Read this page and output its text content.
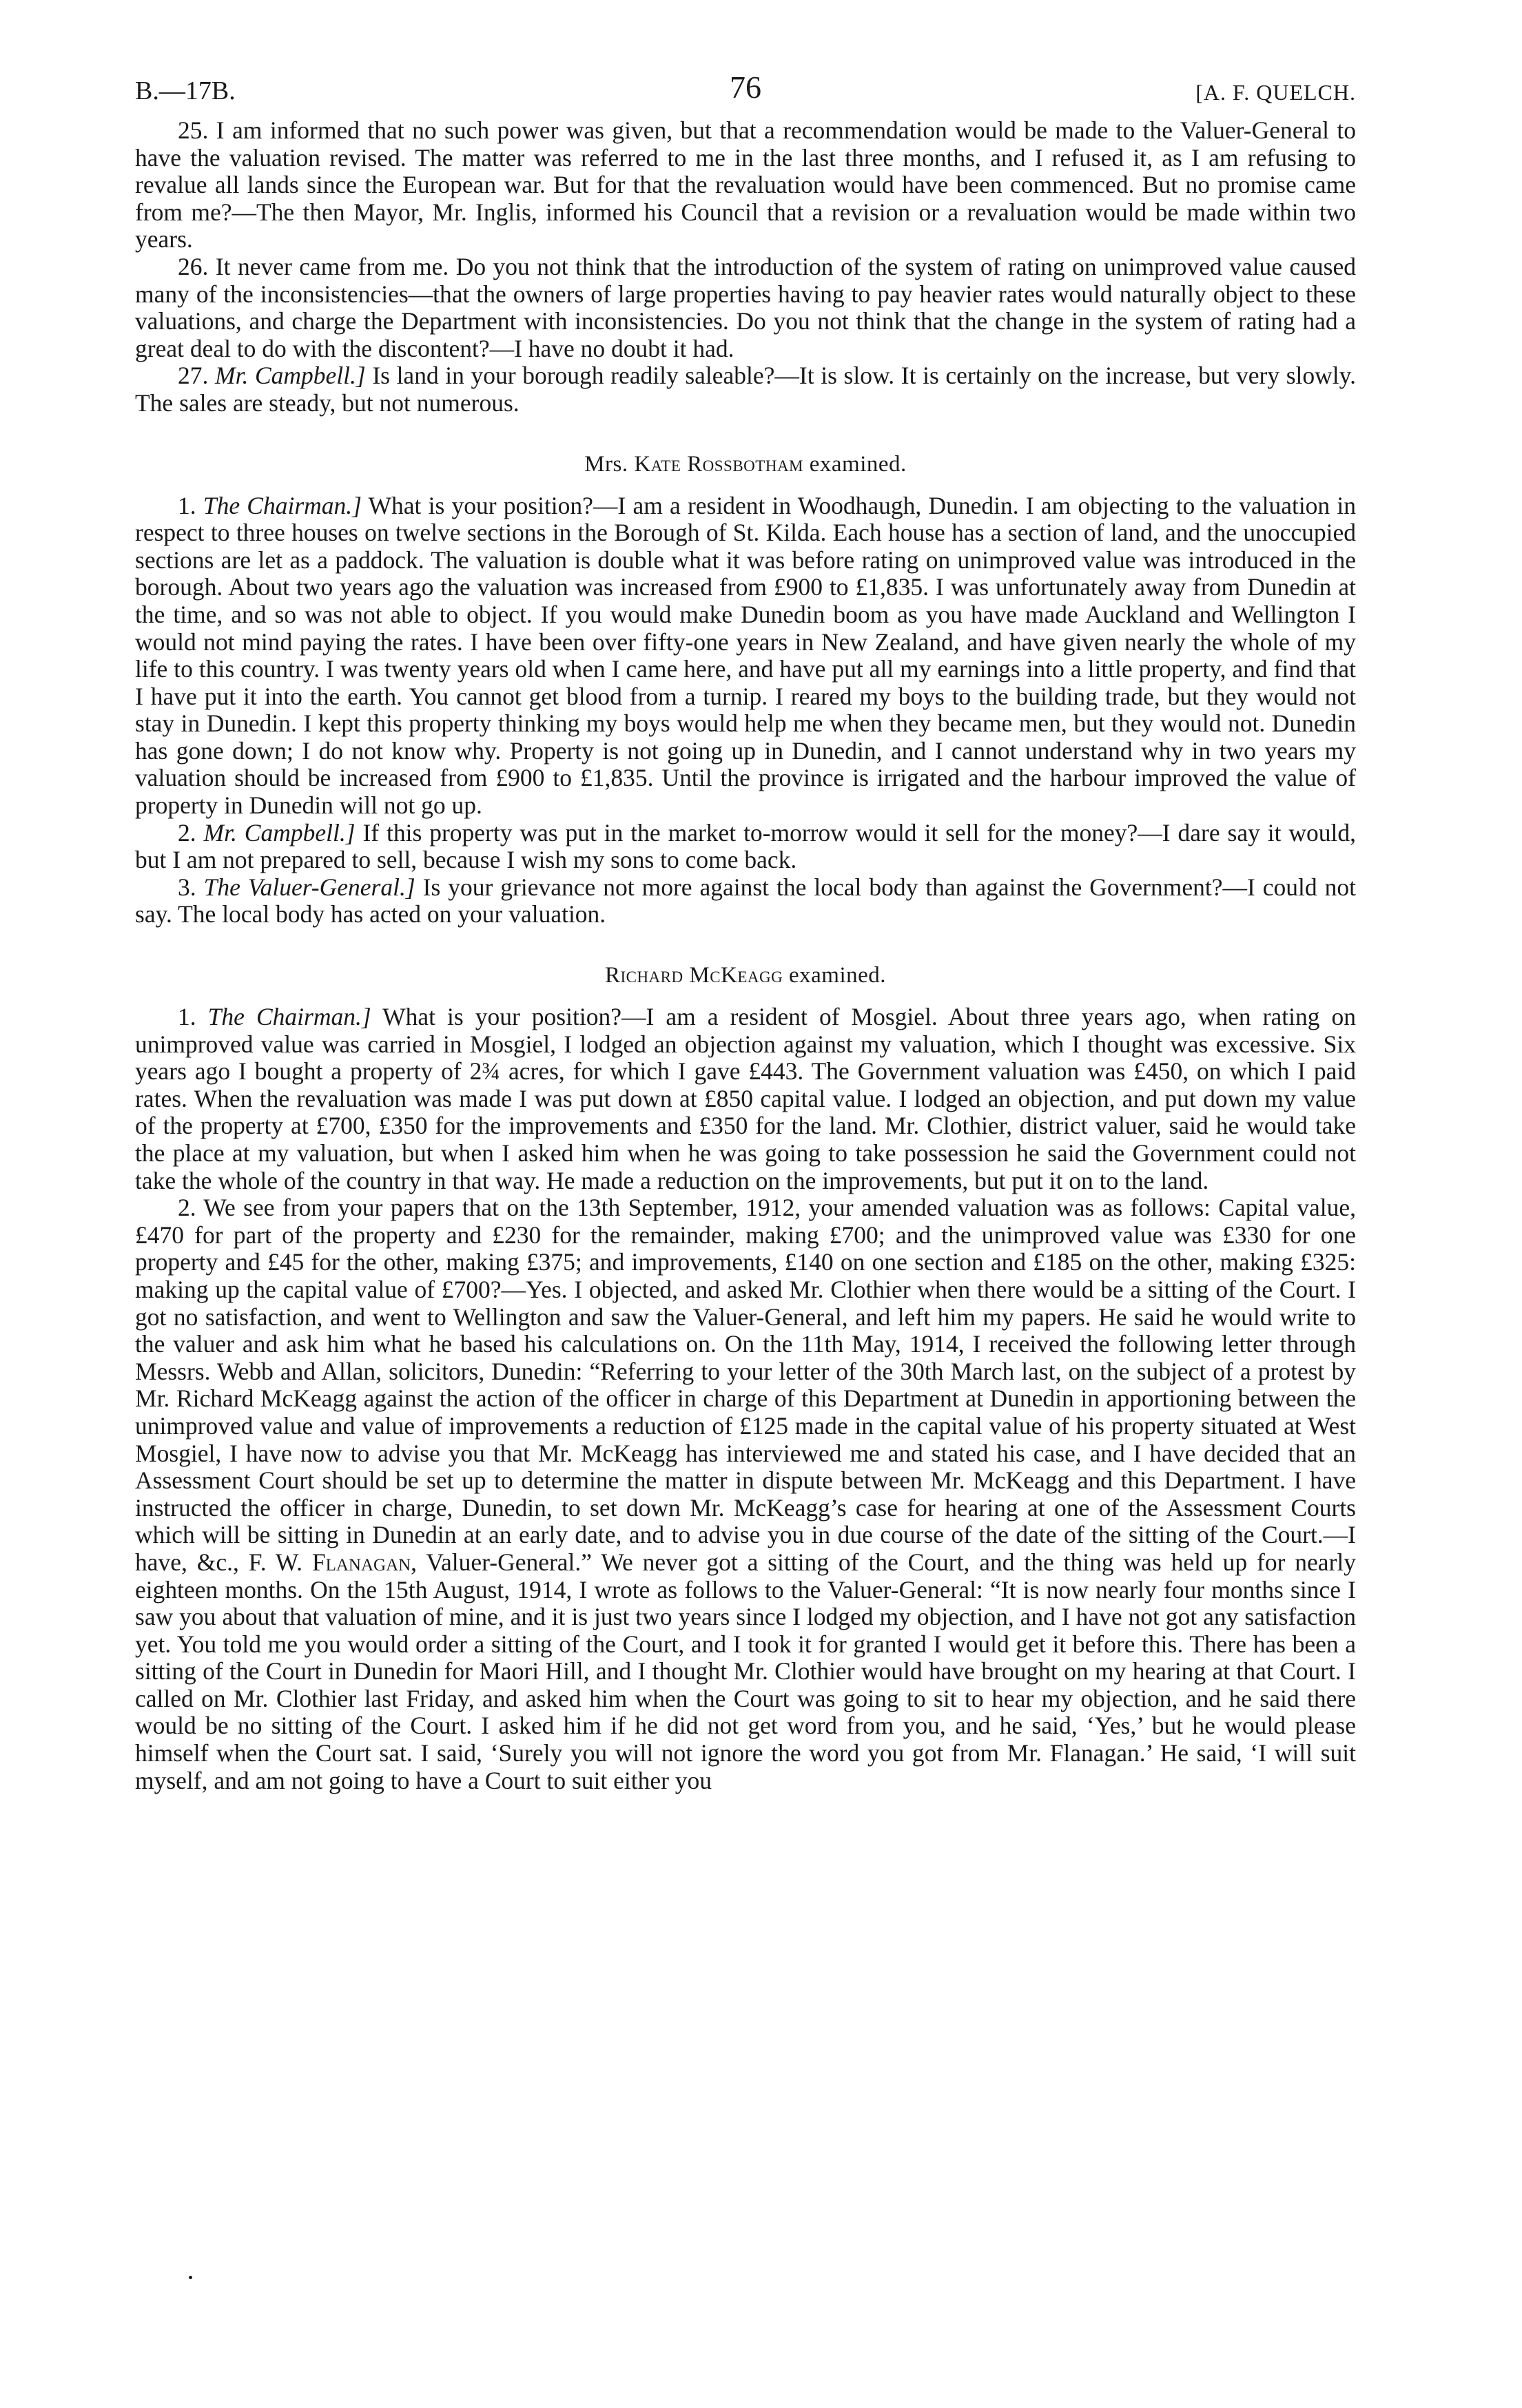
B.—17B.	76	[A. F. QUELCH.

25. I am informed that no such power was given, but that a recommendation would be made to the Valuer-General to have the valuation revised. The matter was referred to me in the last three months, and I refused it, as I am refusing to revalue all lands since the European war. But for that the revaluation would have been commenced. But no promise came from me?—The then Mayor, Mr. Inglis, informed his Council that a revision or a revaluation would be made within two years.

26. It never came from me. Do you not think that the introduction of the system of rating on unimproved value caused many of the inconsistencies—that the owners of large properties having to pay heavier rates would naturally object to these valuations, and charge the Department with inconsistencies. Do you not think that the change in the system of rating had a great deal to do with the discontent?—I have no doubt it had.

27. Mr. Campbell.] Is land in your borough readily saleable?—It is slow. It is certainly on the increase, but very slowly. The sales are steady, but not numerous.

Mrs. Kate Rossbotham examined.

1. The Chairman.] What is your position?—I am a resident in Woodhaugh, Dunedin. I am objecting to the valuation in respect to three houses on twelve sections in the Borough of St. Kilda. Each house has a section of land, and the unoccupied sections are let as a paddock. The valuation is double what it was before rating on unimproved value was introduced in the borough. About two years ago the valuation was increased from £900 to £1,835. I was unfortunately away from Dunedin at the time, and so was not able to object. If you would make Dunedin boom as you have made Auckland and Wellington I would not mind paying the rates. I have been over fifty-one years in New Zealand, and have given nearly the whole of my life to this country. I was twenty years old when I came here, and have put all my earnings into a little property, and find that I have put it into the earth. You cannot get blood from a turnip. I reared my boys to the building trade, but they would not stay in Dunedin. I kept this property thinking my boys would help me when they became men, but they would not. Dunedin has gone down; I do not know why. Property is not going up in Dunedin, and I cannot understand why in two years my valuation should be increased from £900 to £1,835. Until the province is irrigated and the harbour improved the value of property in Dunedin will not go up.

2. Mr. Campbell.] If this property was put in the market to-morrow would it sell for the money?—I dare say it would, but I am not prepared to sell, because I wish my sons to come back.

3. The Valuer-General.] Is your grievance not more against the local body than against the Government?—I could not say. The local body has acted on your valuation.

Richard McKeagg examined.

1. The Chairman.] What is your position?—I am a resident of Mosgiel. About three years ago, when rating on unimproved value was carried in Mosgiel, I lodged an objection against my valuation, which I thought was excessive. Six years ago I bought a property of 2¾ acres, for which I gave £443. The Government valuation was £450, on which I paid rates. When the revaluation was made I was put down at £850 capital value. I lodged an objection, and put down my value of the property at £700, £350 for the improvements and £350 for the land. Mr. Clothier, district valuer, said he would take the place at my valuation, but when I asked him when he was going to take possession he said the Government could not take the whole of the country in that way. He made a reduction on the improvements, but put it on to the land.

2. We see from your papers that on the 13th September, 1912, your amended valuation was as follows: Capital value, £470 for part of the property and £230 for the remainder, making £700; and the unimproved value was £330 for one property and £45 for the other, making £375; and improvements, £140 on one section and £185 on the other, making £325: making up the capital value of £700?—Yes. I objected, and asked Mr. Clothier when there would be a sitting of the Court. I got no satisfaction, and went to Wellington and saw the Valuer-General, and left him my papers. He said he would write to the valuer and ask him what he based his calculations on. On the 11th May, 1914, I received the following letter through Messrs. Webb and Allan, solicitors, Dunedin: “Referring to your letter of the 30th March last, on the subject of a protest by Mr. Richard McKeagg against the action of the officer in charge of this Department at Dunedin in apportioning between the unimproved value and value of improvements a reduction of £125 made in the capital value of his property situated at West Mosgiel, I have now to advise you that Mr. McKeagg has interviewed me and stated his case, and I have decided that an Assessment Court should be set up to determine the matter in dispute between Mr. McKeagg and this Department. I have instructed the officer in charge, Dunedin, to set down Mr. McKeagg’s case for hearing at one of the Assessment Courts which will be sitting in Dunedin at an early date, and to advise you in due course of the date of the sitting of the Court.—I have, &c., F. W. Flanagan, Valuer-General.” We never got a sitting of the Court, and the thing was held up for nearly eighteen months. On the 15th August, 1914, I wrote as follows to the Valuer-General: “It is now nearly four months since I saw you about that valuation of mine, and it is just two years since I lodged my objection, and I have not got any satisfaction yet. You told me you would order a sitting of the Court, and I took it for granted I would get it before this. There has been a sitting of the Court in Dunedin for Maori Hill, and I thought Mr. Clothier would have brought on my hearing at that Court. I called on Mr. Clothier last Friday, and asked him when the Court was going to sit to hear my objection, and he said there would be no sitting of the Court. I asked him if he did not get word from you, and he said, ‘Yes,’ but he would please himself when the Court sat. I said, ‘Surely you will not ignore the word you got from Mr. Flanagan.’ He said, ‘I will suit myself, and am not going to have a Court to suit either you
